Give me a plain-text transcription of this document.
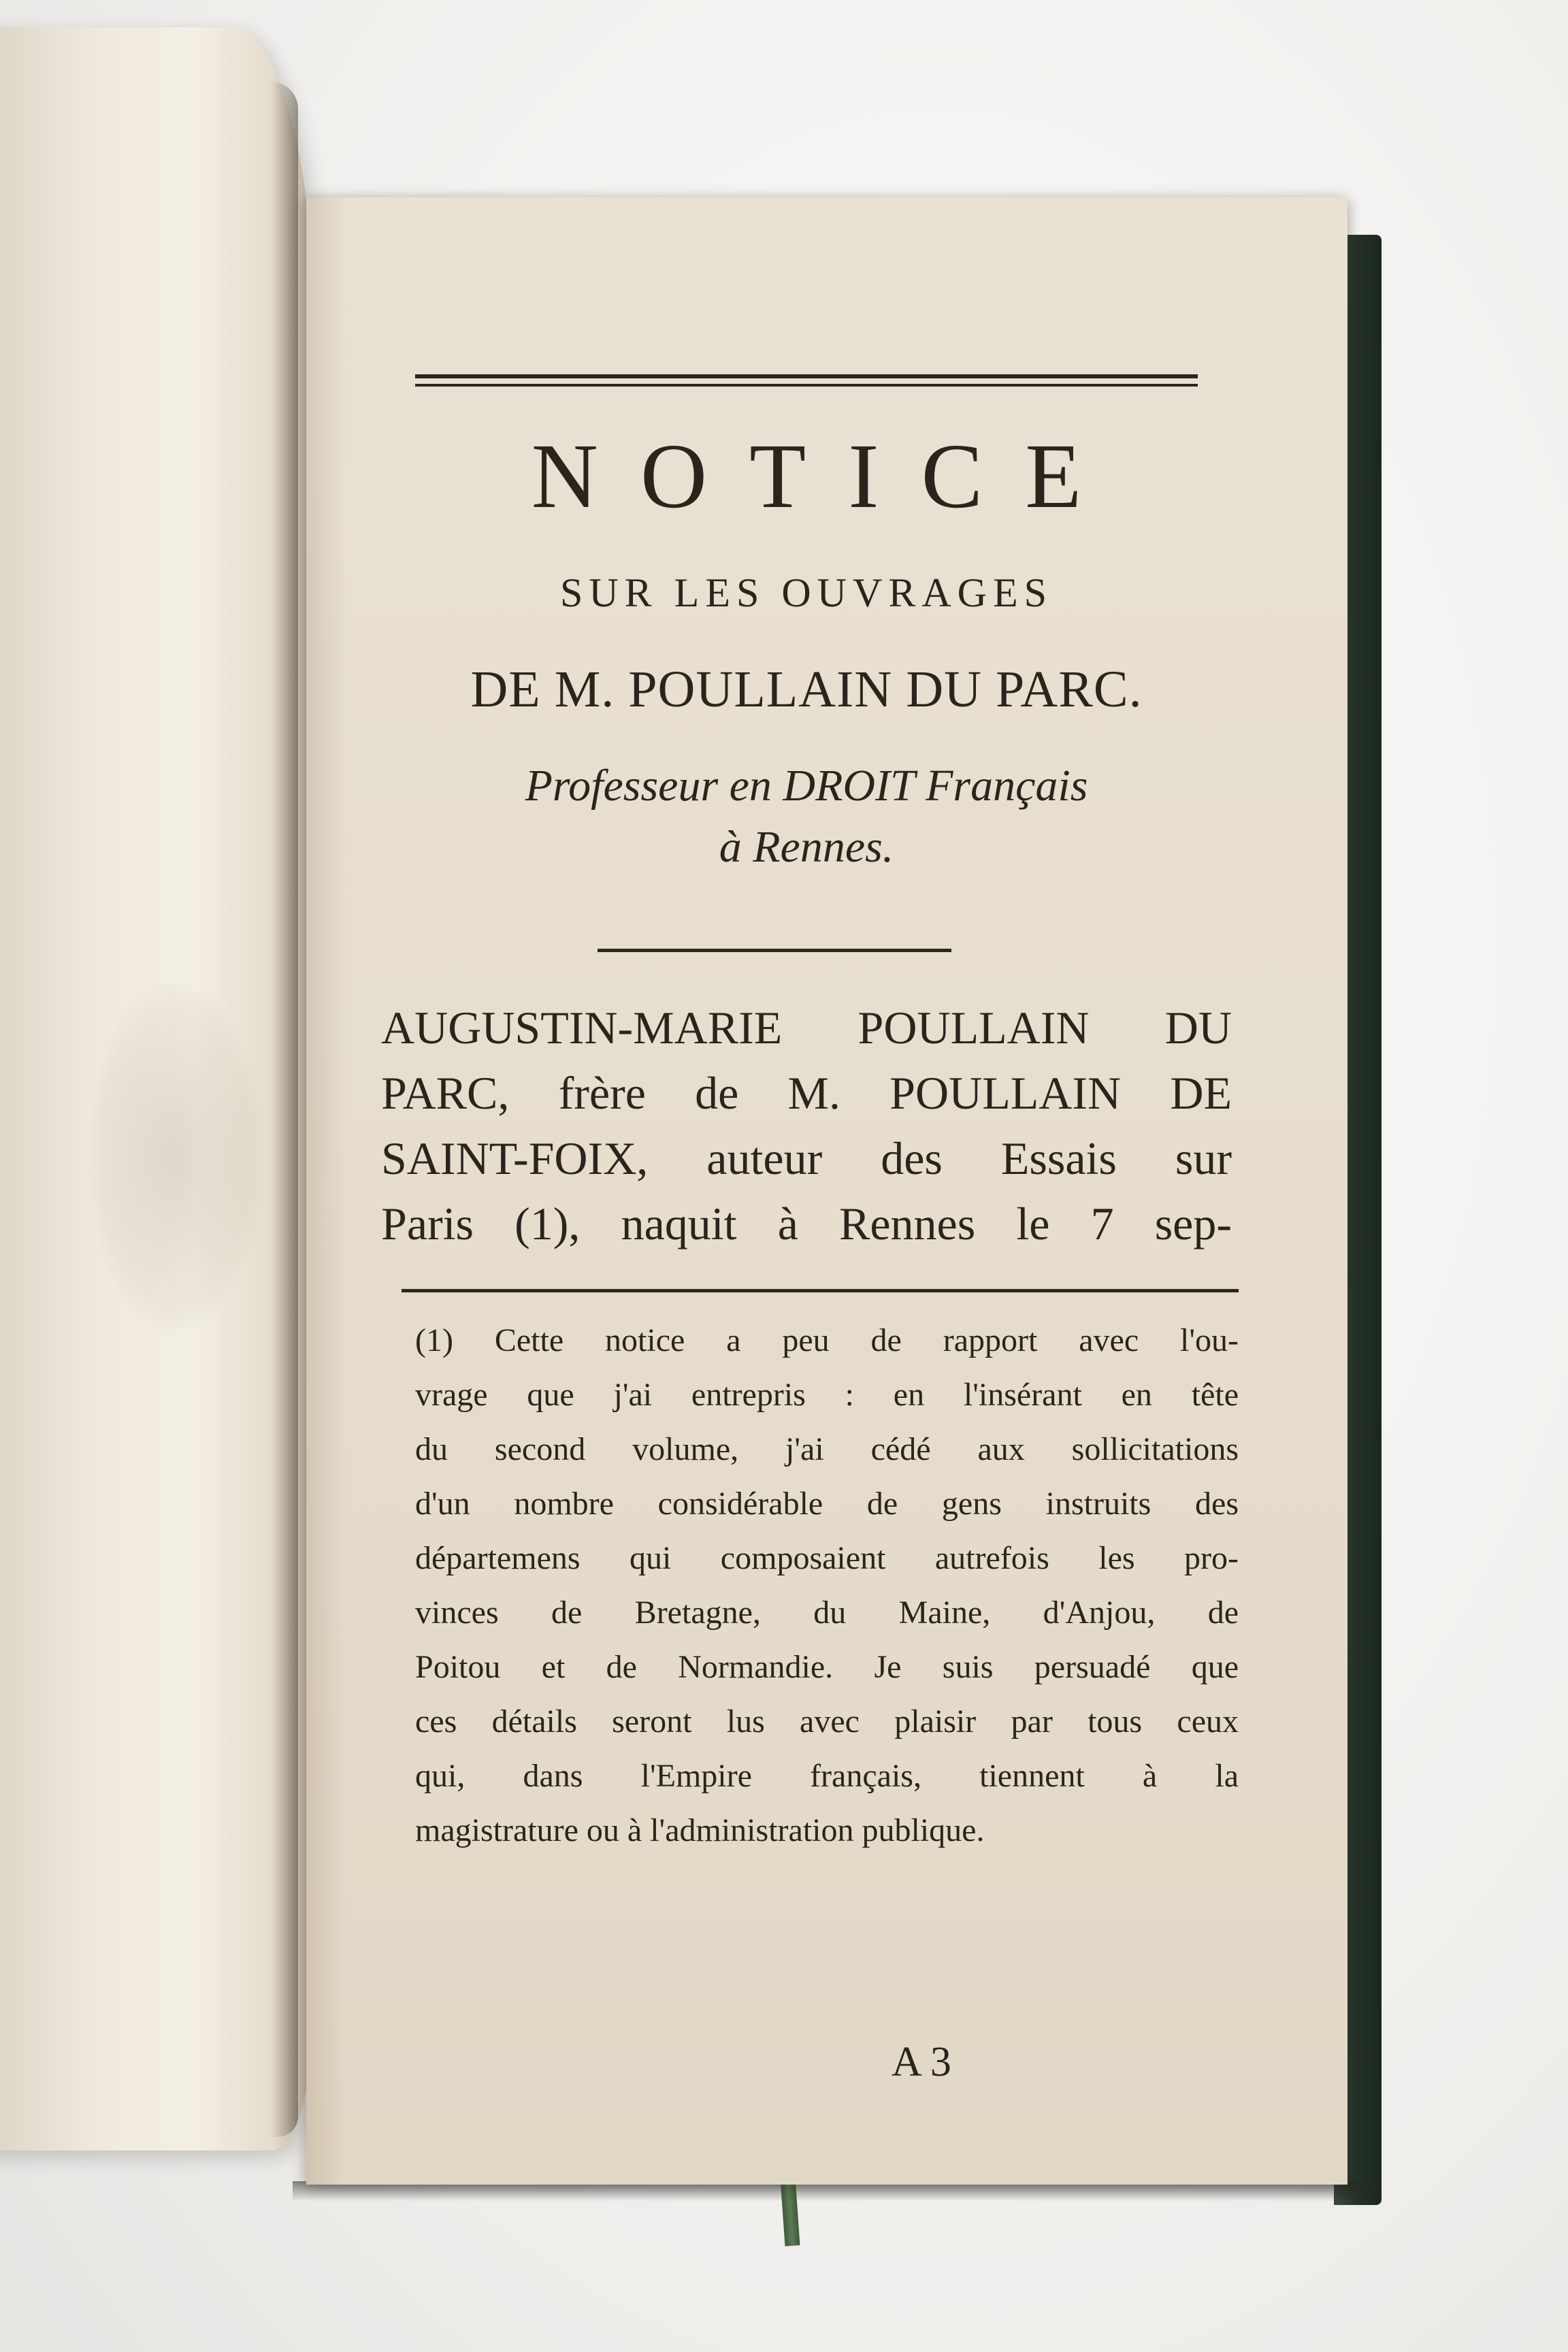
NOTICE
SUR LES OUVRAGES
DE M. POULLAIN DU PARC.
Professeur en DROIT Français
à Rennes.
AUGUSTIN-MARIE POULLAIN DU
PARC, frère de M. POULLAIN DE
SAINT-FOIX, auteur des Essais sur
Paris (1), naquit à Rennes le 7 sep-
(1) Cette notice a peu de rapport avec l'ou-
vrage que j'ai entrepris : en l'insérant en tête
du second volume, j'ai cédé aux sollicitations
d'un nombre considérable de gens instruits des
départemens qui composaient autrefois les pro-
vinces de Bretagne, du Maine, d'Anjou, de
Poitou et de Normandie. Je suis persuadé que
ces détails seront lus avec plaisir par tous ceux
qui, dans l'Empire français, tiennent à la
magistrature ou à l'administration publique.
A 3
